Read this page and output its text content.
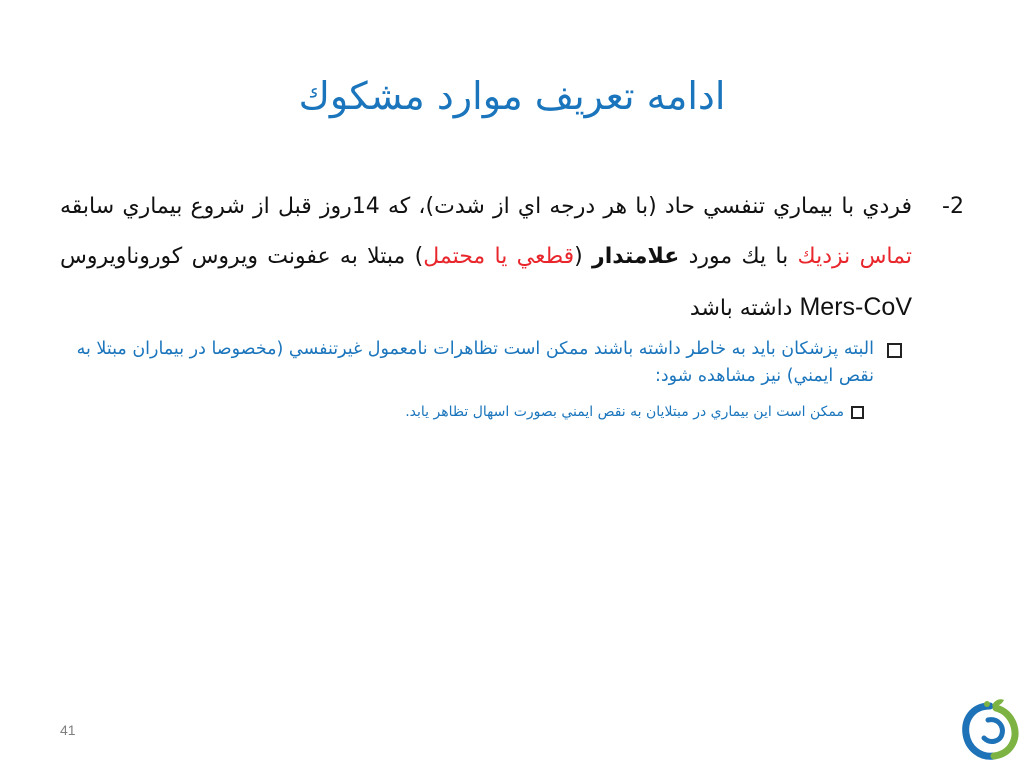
ادامه تعريف موارد مشكوك
2-
فردي با بيماري تنفسي حاد (با هر درجه اي از شدت)، كه 14روز قبل از شروع بيماري سابقه تماس نزديك با يك مورد علامتدار (قطعي يا محتمل) مبتلا به عفونت ويروس كوروناويروس Mers-CoV داشته باشد
البته پزشكان بايد به خاطر داشته باشند ممكن است تظاهرات نامعمول غيرتنفسي (مخصوصا در بيماران مبتلا به نقص ايمني) نيز مشاهده شود:
ممكن است اين بيماري در مبتلايان به نقص ايمني بصورت اسهال تظاهر يابد.
41
